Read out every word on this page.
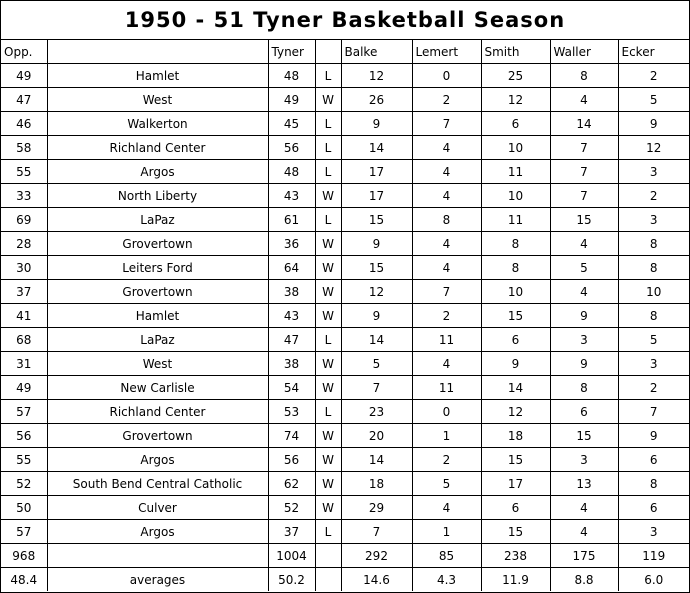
1950 - 51 Tyner Basketball Season
Opp.		Tyner		Balke	Lemert	Smith	Waller	Ecker
49	Hamlet	48	L	12	0	25	8	2
47	West	49	W	26	2	12	4	5
46	Walkerton	45	L	9	7	6	14	9
58	Richland Center	56	L	14	4	10	7	12
55	Argos	48	L	17	4	11	7	3
33	North Liberty	43	W	17	4	10	7	2
69	LaPaz	61	L	15	8	11	15	3
28	Grovertown	36	W	9	4	8	4	8
30	Leiters Ford	64	W	15	4	8	5	8
37	Grovertown	38	W	12	7	10	4	10
41	Hamlet	43	W	9	2	15	9	8
68	LaPaz	47	L	14	11	6	3	5
31	West	38	W	5	4	9	9	3
49	New Carlisle	54	W	7	11	14	8	2
57	Richland Center	53	L	23	0	12	6	7
56	Grovertown	74	W	20	1	18	15	9
55	Argos	56	W	14	2	15	3	6
52	South Bend Central Catholic	62	W	18	5	17	13	8
50	Culver	52	W	29	4	6	4	6
57	Argos	37	L	7	1	15	4	3
968		1004		292	85	238	175	119
48.4	averages	50.2		14.6	4.3	11.9	8.8	6.0
